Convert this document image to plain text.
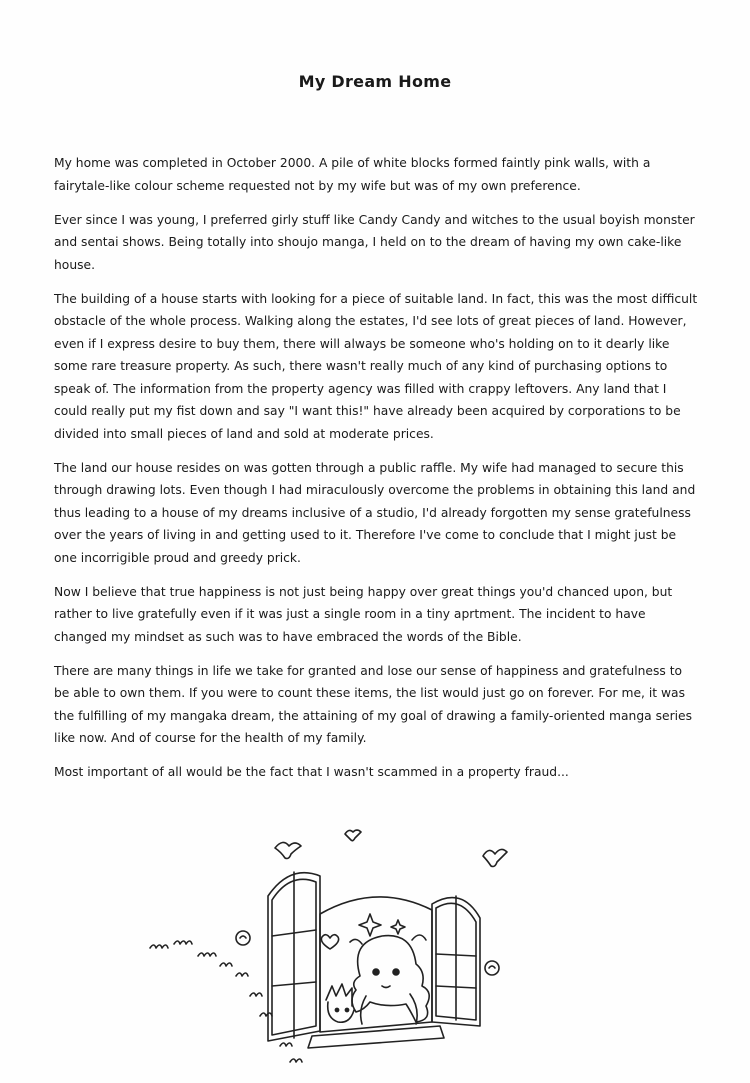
My Dream Home

My home was completed in October 2000. A pile of white blocks formed faintly pink walls, with a fairytale-like colour scheme requested not by my wife but was of my own preference.

Ever since I was young, I preferred girly stuff like Candy Candy and witches to the usual boyish monster and sentai shows. Being totally into shoujo manga, I held on to the dream of having my own cake-like house.

The building of a house starts with looking for a piece of suitable land. In fact, this was the most difficult obstacle of the whole process. Walking along the estates, I'd see lots of great pieces of land. However, even if I express desire to buy them, there will always be someone who's holding on to it dearly like some rare treasure property. As such, there wasn't really much of any kind of purchasing options to speak of. The information from the property agency was filled with crappy leftovers. Any land that I could really put my fist down and say "I want this!" have already been acquired by corporations to be divided into small pieces of land and sold at moderate prices.

The land our house resides on was gotten through a public raffle. My wife had managed to secure this through drawing lots. Even though I had miraculously overcome the problems in obtaining this land and thus leading to a house of my dreams inclusive of a studio, I'd already forgotten my sense gratefulness over the years of living in and getting used to it. Therefore I've come to conclude that I might just be one incorrigible proud and greedy prick.

Now I believe that true happiness is not just being happy over great things you'd chanced upon, but rather to live gratefully even if it was just a single room in a tiny aprtment. The incident to have changed my mindset as such was to have embraced the words of the Bible.

There are many things in life we take for granted and lose our sense of happiness and gratefulness to be able to own them. If you were to count these items, the list would just go on forever. For me, it was the fulfilling of my mangaka dream, the attaining of my goal of drawing a family-oriented manga series like now. And of course for the health of my family.

Most important of all would be the fact that I wasn't scammed in a property fraud...
